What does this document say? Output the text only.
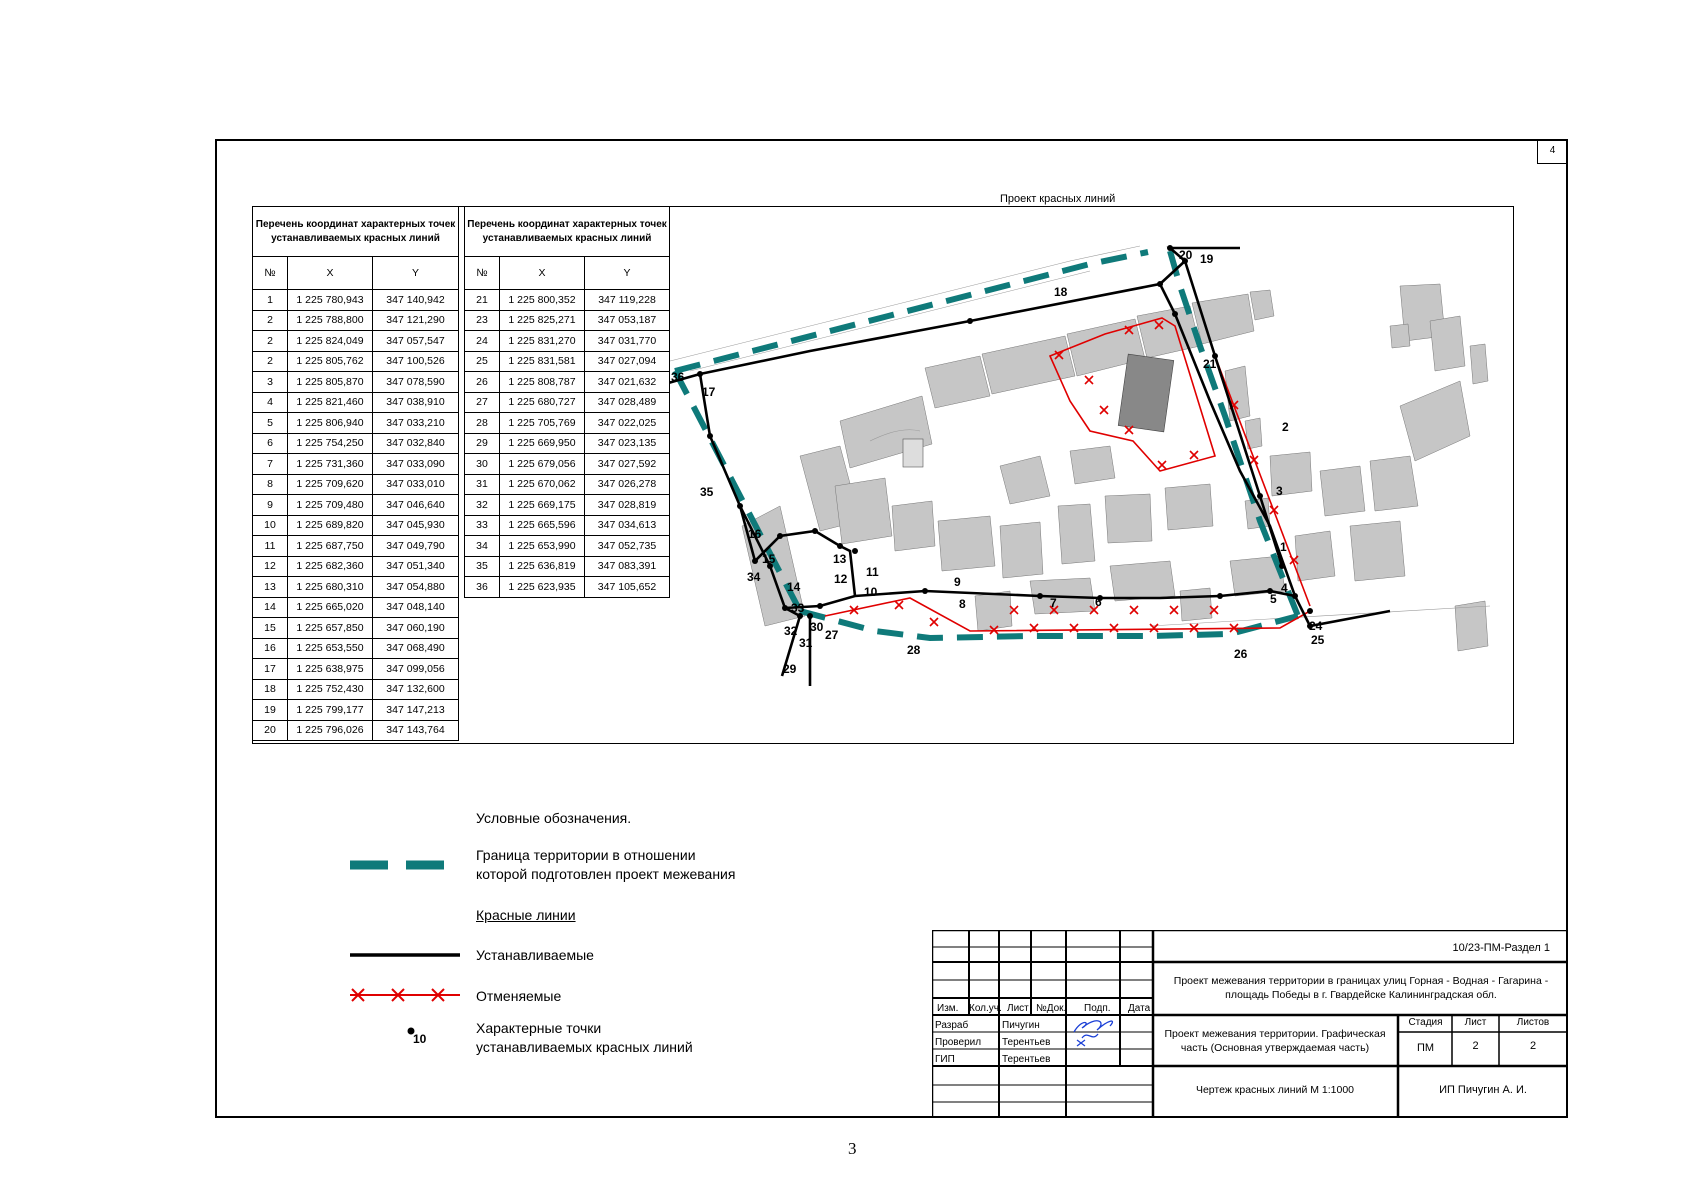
4
Перечень координат характерных точек устанавливаемых красных линий		
№	X	Y
1	1 225 780,943	347 140,942
2	1 225 788,800	347 121,290
2	1 225 824,049	347 057,547
2	1 225 805,762	347 100,526
3	1 225 805,870	347 078,590
4	1 225 821,460	347 038,910
5	1 225 806,940	347 033,210
6	1 225 754,250	347 032,840
7	1 225 731,360	347 033,090
8	1 225 709,620	347 033,010
9	1 225 709,480	347 046,640
10	1 225 689,820	347 045,930
11	1 225 687,750	347 049,790
12	1 225 682,360	347 051,340
13	1 225 680,310	347 054,880
14	1 225 665,020	347 048,140
15	1 225 657,850	347 060,190
16	1 225 653,550	347 068,490
17	1 225 638,975	347 099,056
18	1 225 752,430	347 132,600
19	1 225 799,177	347 147,213
20	1 225 796,026	347 143,764
Перечень координат характерных точек устанавливаемых красных линий		
№	X	Y
21	1 225 800,352	347 119,228
23	1 225 825,271	347 053,187
24	1 225 831,270	347 031,770
25	1 225 831,581	347 027,094
26	1 225 808,787	347 021,632
27	1 225 680,727	347 028,489
28	1 225 705,769	347 022,025
29	1 225 669,950	347 023,135
30	1 225 679,056	347 027,592
31	1 225 670,062	347 026,278
32	1 225 669,175	347 028,819
33	1 225 665,596	347 034,613
34	1 225 653,990	347 052,735
35	1 225 636,819	347 083,391
36	1 225 623,935	347 105,652
Проект красных линий
1
2
3
4
5
6
7
8
9
10
11
12
13
14
15
16
17
18
19
20
21
24
25
26
27
28
29
30
31
32
33
34
35
36
Условные обозначения.
Граница территории в отношении которой подготовлен проект межевания
Красные линии
Устанавливаемые
Отменяемые
10
Характерные точки устанавливаемых красных линий
10/23-ПМ-Раздел 1
Проект межевания территории в границах улиц Горная - Водная - Гагарина - площадь Победы в г. Гвардейске Калининградская обл.
Проект межевания территории. Графическая часть (Основная утверждаемая часть)
Чертеж красных линий М 1:1000	ИП Пичугин А. И.
Стадия	Лист	Листов
ПМ	2	2
Изм. Кол.уч. Лист №Док. Подп. Дата
Разраб	Пичугин
Проверил Терентьев
ГИП	Терентьев
3
